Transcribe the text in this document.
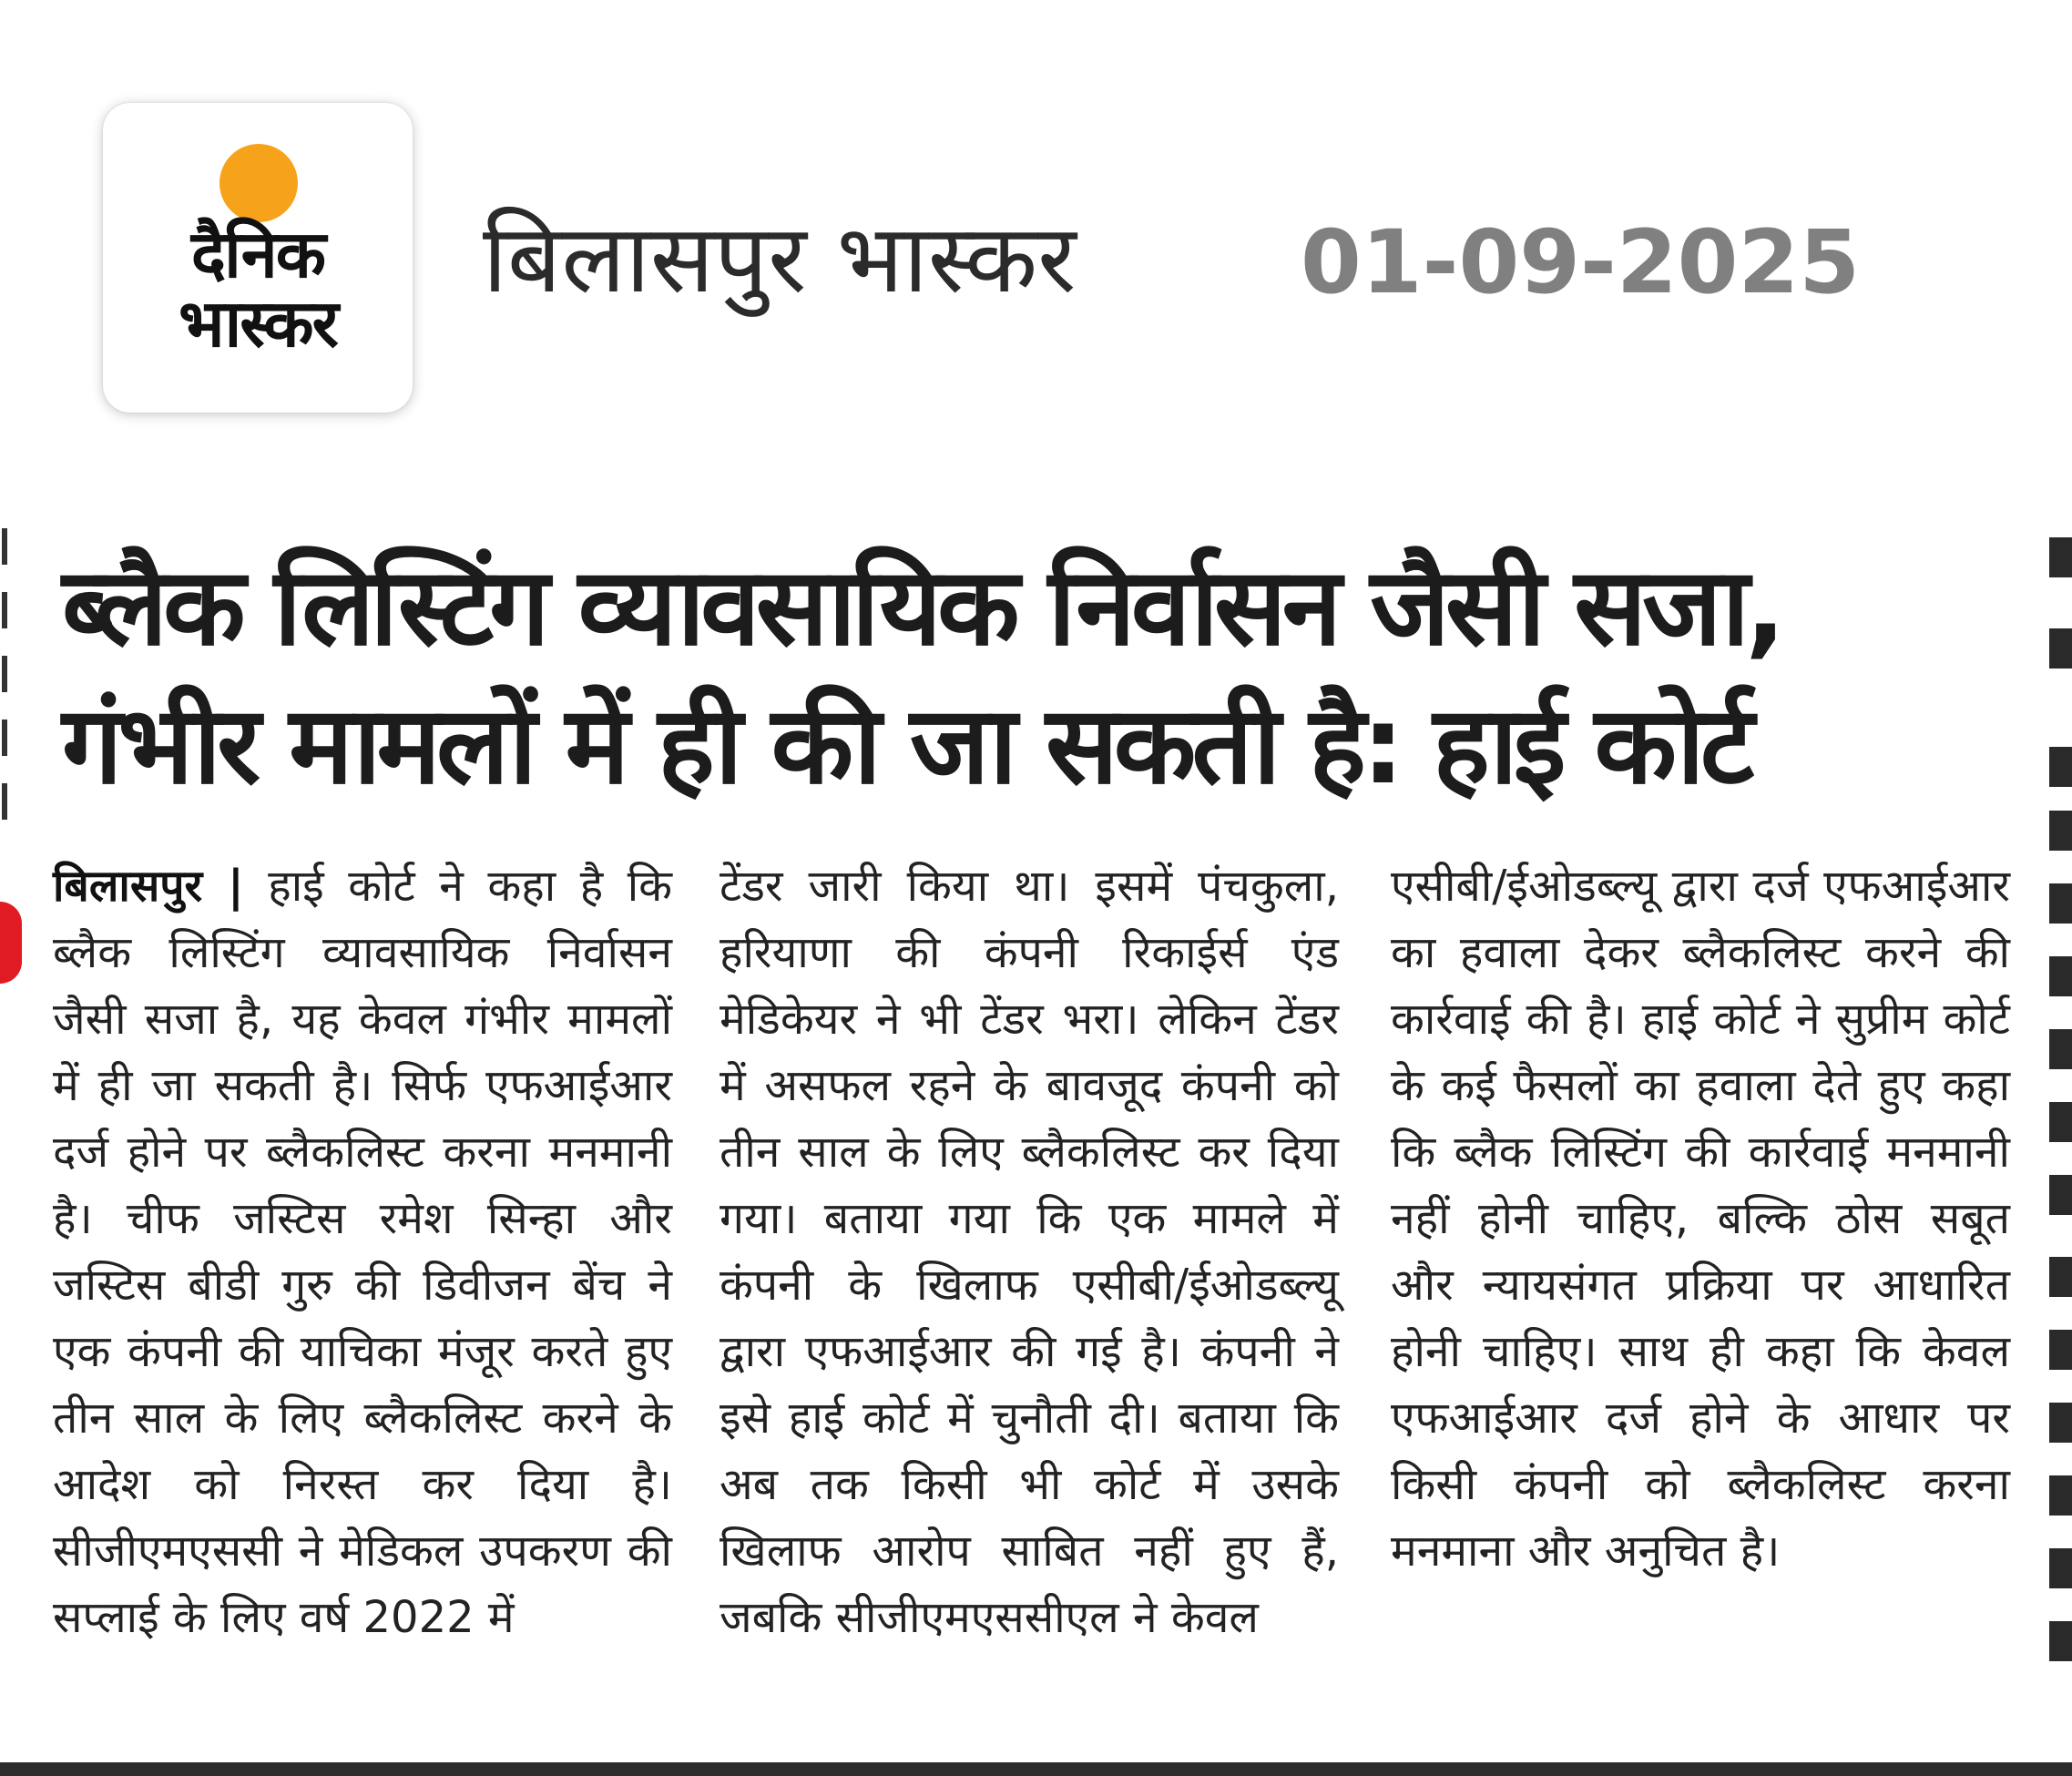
दैनिक
भास्कर
बिलासपुर भास्कर	01-09-2025
ब्लैक लिस्टिंग व्यावसायिक निर्वासन जैसी सजा,
गंभीर मामलों में ही की जा सकती है: हाई कोर्ट
बिलासपुर | हाई कोर्ट ने कहा है कि ब्लैक लिस्टिंग व्यावसायिक निर्वासन जैसी सजा है, यह केवल गंभीर मामलों में ही जा सकती है। सिर्फ एफआईआर दर्ज होने पर ब्लैकलिस्ट करना मनमानी है। चीफ जस्टिस रमेश सिन्हा और जस्टिस बीडी गुरु की डिवीजन बेंच ने एक कंपनी की याचिका मंजूर करते हुए तीन साल के लिए ब्लैकलिस्ट करने के आदेश को निरस्त कर दिया है। सीजीएमएससी ने मेडिकल उपकरण की सप्लाई के लिए वर्ष 2022 में
टेंडर जारी किया था। इसमें पंचकुला, हरियाणा की कंपनी रिकाईर्स एंड मेडिकेयर ने भी टेंडर भरा। लेकिन टेंडर में असफल रहने के बावजूद कंपनी को तीन साल के लिए ब्लैकलिस्ट कर दिया गया। बताया गया कि एक मामले में कंपनी के खिलाफ एसीबी/ईओडब्ल्यू द्वारा एफआईआर की गई है। कंपनी ने इसे हाई कोर्ट में चुनौती दी। बताया कि अब तक किसी भी कोर्ट में उसके खिलाफ आरोप साबित नहीं हुए हैं, जबकि सीजीएमएससीएल ने केवल
एसीबी/ईओडब्ल्यू द्वारा दर्ज एफआईआर का हवाला देकर ब्लैकलिस्ट करने की कार्रवाई की है। हाई कोर्ट ने सुप्रीम कोर्ट के कई फैसलों का हवाला देते हुए कहा कि ब्लैक लिस्टिंग की कार्रवाई मनमानी नहीं होनी चाहिए, बल्कि ठोस सबूत और न्यायसंगत प्रक्रिया पर आधारित होनी चाहिए। साथ ही कहा कि केवल एफआईआर दर्ज होने के आधार पर किसी कंपनी को ब्लैकलिस्ट करना मनमाना और अनुचित है।
